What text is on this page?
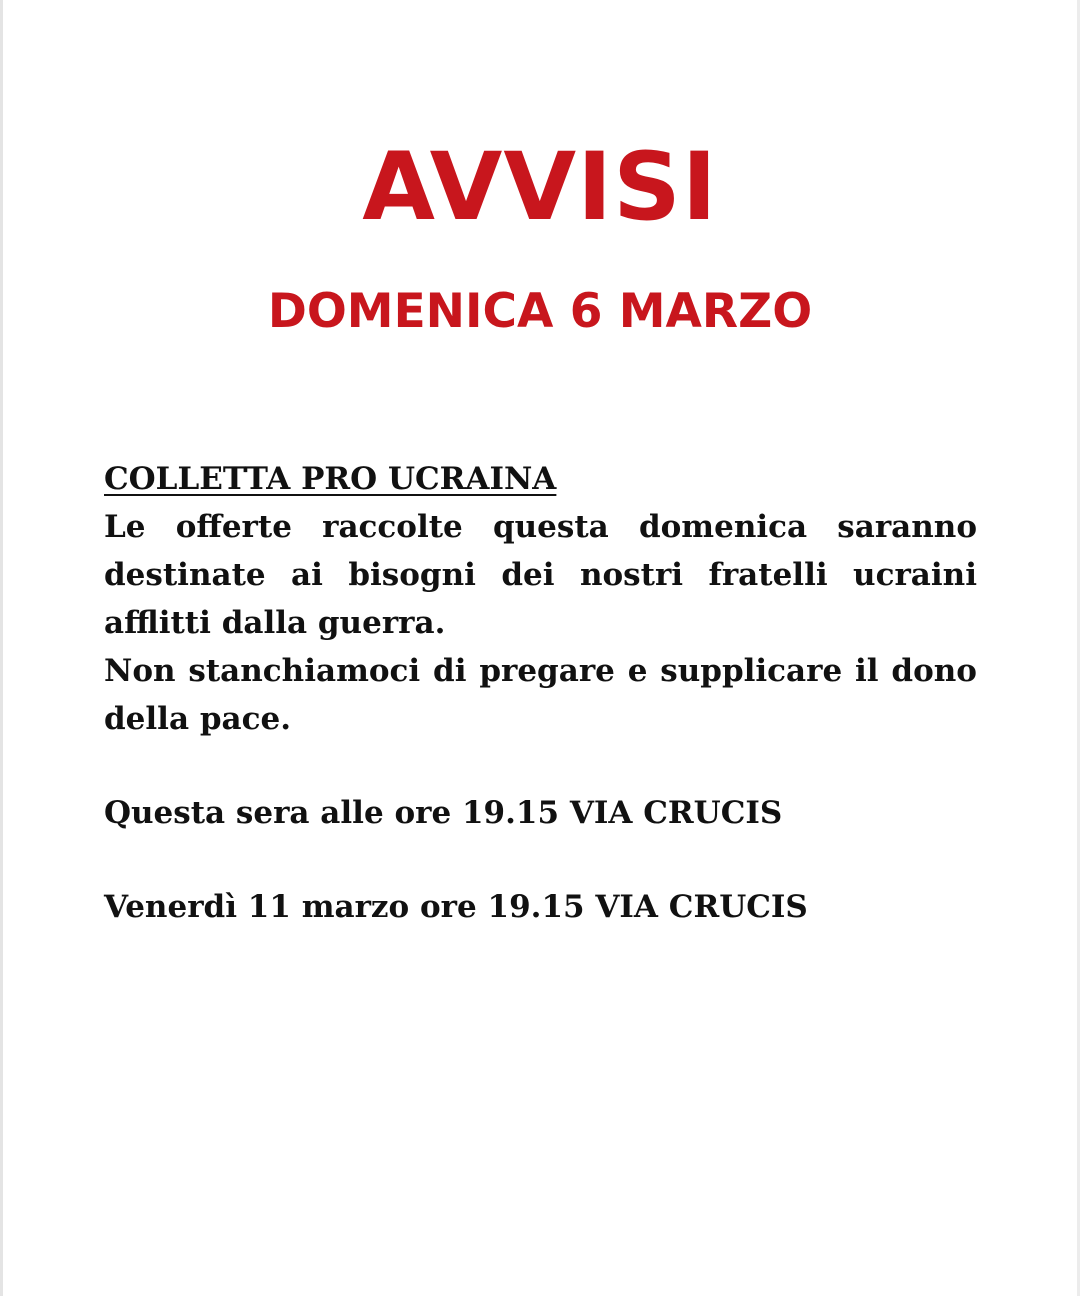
AVVISI
DOMENICA 6 MARZO
COLLETTA PRO UCRAINA

Le offerte raccolte questa domenica saranno destinate ai bisogni dei nostri fratelli ucraini afflitti dalla guerra.

Non stanchiamoci di pregare e supplicare il dono della pace.

Questa sera alle ore 19.15 VIA CRUCIS

Venerdì 11 marzo ore 19.15 VIA CRUCIS
